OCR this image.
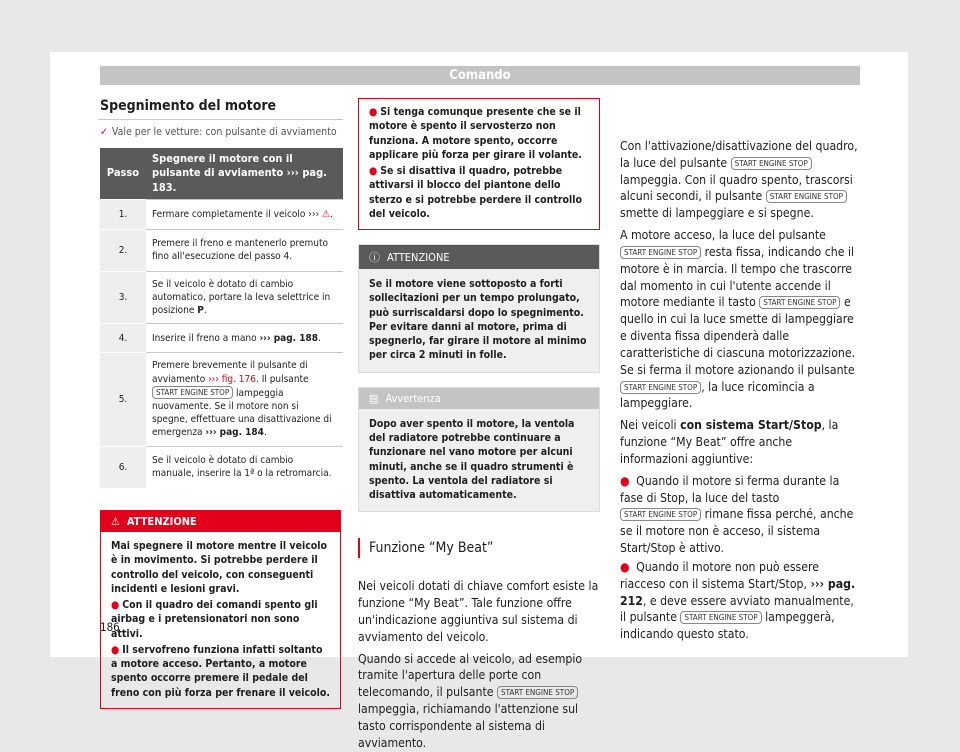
Comando
Spegnimento del motore
✓ Vale per le vetture: con pulsante di avviamento
Passo	Spegnere il motore con il pulsante di avviamento ››› pag. 183.
1.	Fermare completamente il veicolo ››› ⚠.
2.	Premere il freno e mantenerlo premuto fino all'esecuzione del passo 4.
3.	Se il veicolo è dotato di cambio automatico, portare la leva selettrice in posizione P.
4.	Inserire il freno a mano ››› pag. 188.
5.	Premere brevemente il pulsante di avviamento ››› fig. 176. Il pulsante START ENGINE STOP lampeggia nuovamente. Se il motore non si spegne, effettuare una disattivazione di emergenza ››› pag. 184.
6.	Se il veicolo è dotato di cambio manuale, inserire la 1ª o la retromarcia.
⚠ ATTENZIONE
Mai spegnere il motore mentre il veicolo è in movimento. Si potrebbe perdere il controllo del veicolo, con conseguenti incidenti e lesioni gravi.
● Con il quadro dei comandi spento gli airbag e i pretensionatori non sono attivi.
● Il servofreno funziona infatti soltanto a motore acceso. Pertanto, a motore spento occorre premere il pedale del freno con più forza per frenare il veicolo.
● Si tenga comunque presente che se il motore è spento il servosterzo non funziona. A motore spento, occorre applicare più forza per girare il volante.
● Se si disattiva il quadro, potrebbe attivarsi il blocco del piantone dello sterzo e si potrebbe perdere il controllo del veicolo.
ⓘ ATTENZIONE
Se il motore viene sottoposto a forti sollecitazioni per un tempo prolungato, può surriscaldarsi dopo lo spegnimento. Per evitare danni al motore, prima di spegnerlo, far girare il motore al minimo per circa 2 minuti in folle.
▤ Avvertenza
Dopo aver spento il motore, la ventola del radiatore potrebbe continuare a funzionare nel vano motore per alcuni minuti, anche se il quadro strumenti è spento. La ventola del radiatore si disattiva automaticamente.
Funzione “My Beat”

Nei veicoli dotati di chiave comfort esiste la funzione “My Beat”. Tale funzione offre un'indicazione aggiuntiva sul sistema di avviamento del veicolo.

Quando si accede al veicolo, ad esempio tramite l'apertura delle porte con telecomando, il pulsante START ENGINE STOP lampeggia, richiamando l'attenzione sul tasto corrispondente al sistema di avviamento.

Con l'attivazione/disattivazione del quadro, la luce del pulsante START ENGINE STOP lampeggia. Con il quadro spento, trascorsi alcuni secondi, il pulsante START ENGINE STOP smette di lampeggiare e si spegne.

A motore acceso, la luce del pulsante START ENGINE STOP resta fissa, indicando che il motore è in marcia. Il tempo che trascorre dal momento in cui l'utente accende il motore mediante il tasto START ENGINE STOP e quello in cui la luce smette di lampeggiare e diventa fissa dipenderà dalle caratteristiche di ciascuna motorizzazione. Se si ferma il motore azionando il pulsante START ENGINE STOP , la luce ricomincia a lampeggiare.

Nei veicoli con sistema Start/Stop, la funzione “My Beat” offre anche informazioni aggiuntive:

● Quando il motore si ferma durante la fase di Stop, la luce del tasto START ENGINE STOP rimane fissa perché, anche se il motore non è acceso, il sistema Start/Stop è attivo.

● Quando il motore non può essere riacceso con il sistema Start/Stop, ››› pag. 212, e deve essere avviato manualmente, il pulsante START ENGINE STOP lampeggerà, indicando questo stato.

186
